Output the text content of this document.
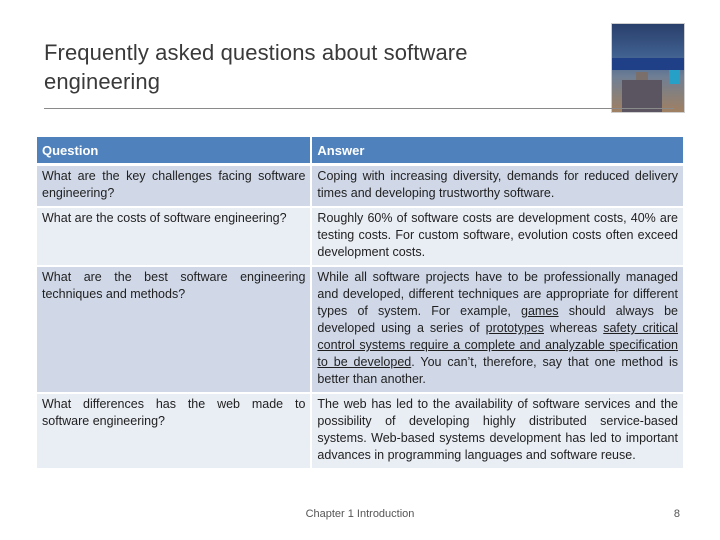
Frequently asked questions about software engineering
Question	Answer
What are the key challenges facing software engineering?	Coping with increasing diversity, demands for reduced delivery times and developing trustworthy software.
What are the costs of software engineering?	Roughly 60% of software costs are development costs, 40% are testing costs. For custom software, evolution costs often exceed development costs.
What are the best software engineering techniques and methods?	While all software projects have to be professionally managed and developed, different techniques are appropriate for different types of system. For example, games should always be developed using a series of prototypes whereas safety critical control systems require a complete and analyzable specification to be developed. You can’t, therefore, say that one method is better than another.
What differences has the web made to software engineering?	The web has led to the availability of software services and the possibility of developing highly distributed service-based systems. Web-based systems development has led to important advances in programming languages and software reuse.
Chapter 1 Introduction	8
